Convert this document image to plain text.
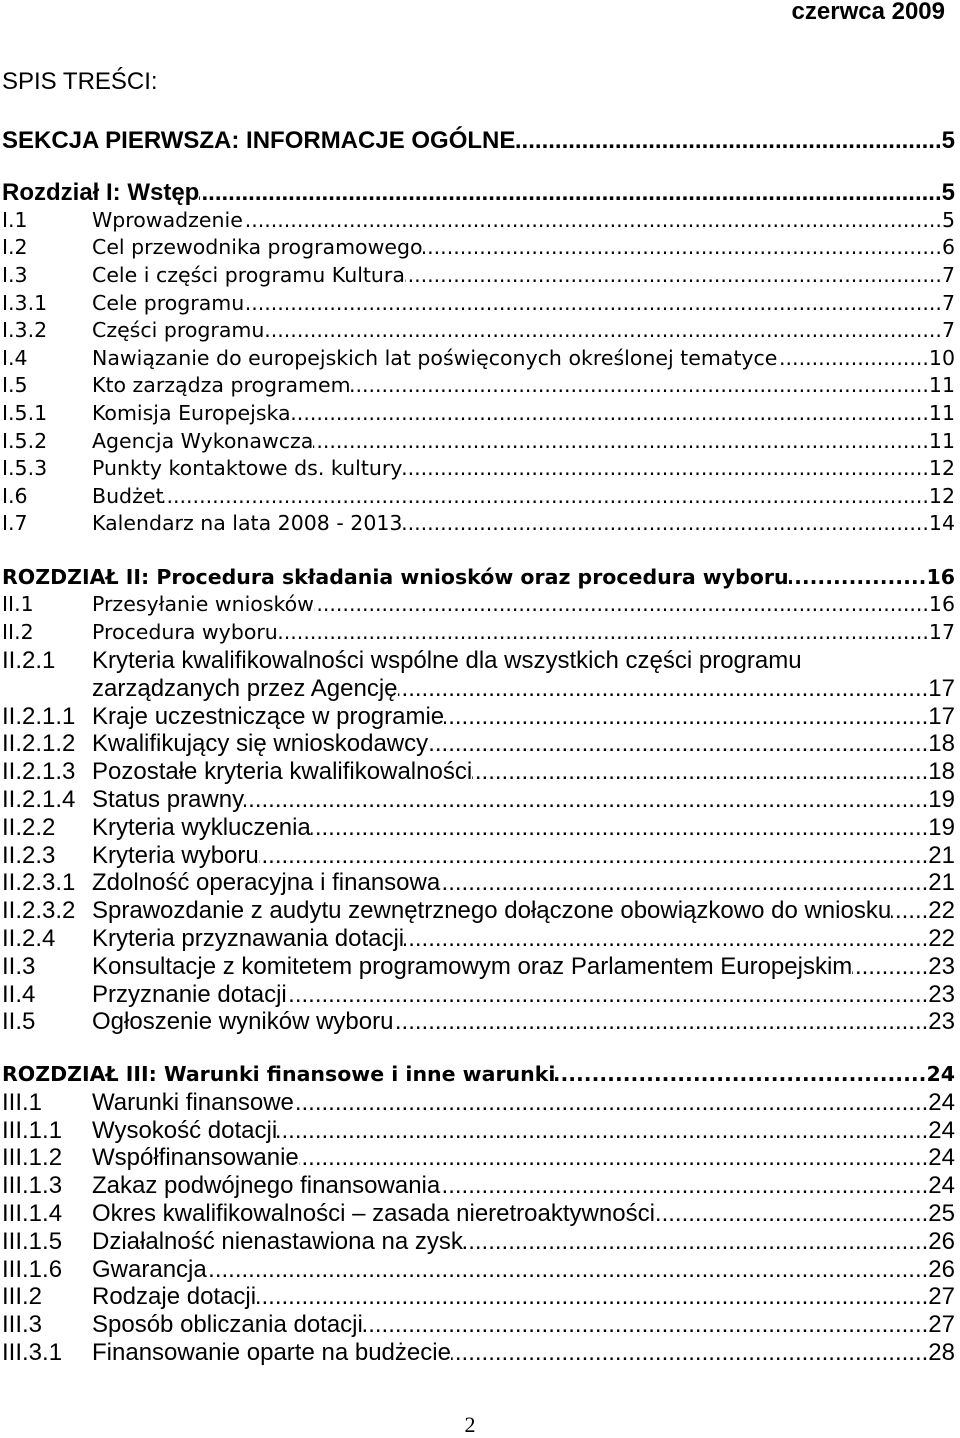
czerwca 2009
SPIS TREŚCI:
SEKCJA PIERWSZA: INFORMACJE OGÓLNE .....	5
Rozdział I: Wstęp .....	5
I.1	Wprowadzenie .....	5
I.2	Cel przewodnika programowego .....	6
I.3	Cele i części programu Kultura .....	7
I.3.1	Cele programu .....	7
I.3.2	Części programu .....	7
I.4	Nawiązanie do europejskich lat poświęconych określonej tematyce .....	10
I.5	Kto zarządza programem .....	11
I.5.1	Komisja Europejska .....	11
I.5.2	Agencja Wykonawcza .....	11
I.5.3	Punkty kontaktowe ds. kultury .....	12
I.6	Budżet .....	12
I.7	Kalendarz na lata 2008 - 2013 .....	14
ROZDZIAŁ II: Procedura składania wniosków oraz procedura wyboru .....	16
II.1	Przesyłanie wniosków .....	16
II.2	Procedura wyboru .....	17
II.2.1	Kryteria kwalifikowalności wspólne dla wszystkich części programu
zarządzanych przez Agencję .....	17
II.2.1.1 Kraje uczestniczące w programie .....	17
II.2.1.2 Kwalifikujący się wnioskodawcy .....	18
II.2.1.3 Pozostałe kryteria kwalifikowalności .....	18
II.2.1.4 Status prawny .....	19
II.2.2	Kryteria wykluczenia .....	19
II.2.3	Kryteria wyboru .....	21
II.2.3.1 Zdolność operacyjna i finansowa .....	21
II.2.3.2 Sprawozdanie z audytu zewnętrznego dołączone obowiązkowo do wniosku ..... 22
II.2.4	Kryteria przyznawania dotacji .....	22
II.3	Konsultacje z komitetem programowym oraz Parlamentem Europejskim .....	23
II.4	Przyznanie dotacji .....	23
II.5	Ogłoszenie wyników wyboru .....	23
ROZDZIAŁ III: Warunki finansowe i inne warunki .....	24
III.1	Warunki finansowe .....	24
III.1.1	Wysokość dotacji .....	24
III.1.2	Współfinansowanie .....	24
III.1.3	Zakaz podwójnego finansowania .....	24
III.1.4	Okres kwalifikowalności – zasada nieretroaktywności .....	25
III.1.5	Działalność nienastawiona na zysk .....	26
III.1.6	Gwarancja .....	26
III.2	Rodzaje dotacji .....	27
III.3	Sposób obliczania dotacji .....	27
III.3.1	Finansowanie oparte na budżecie .....	28
2
